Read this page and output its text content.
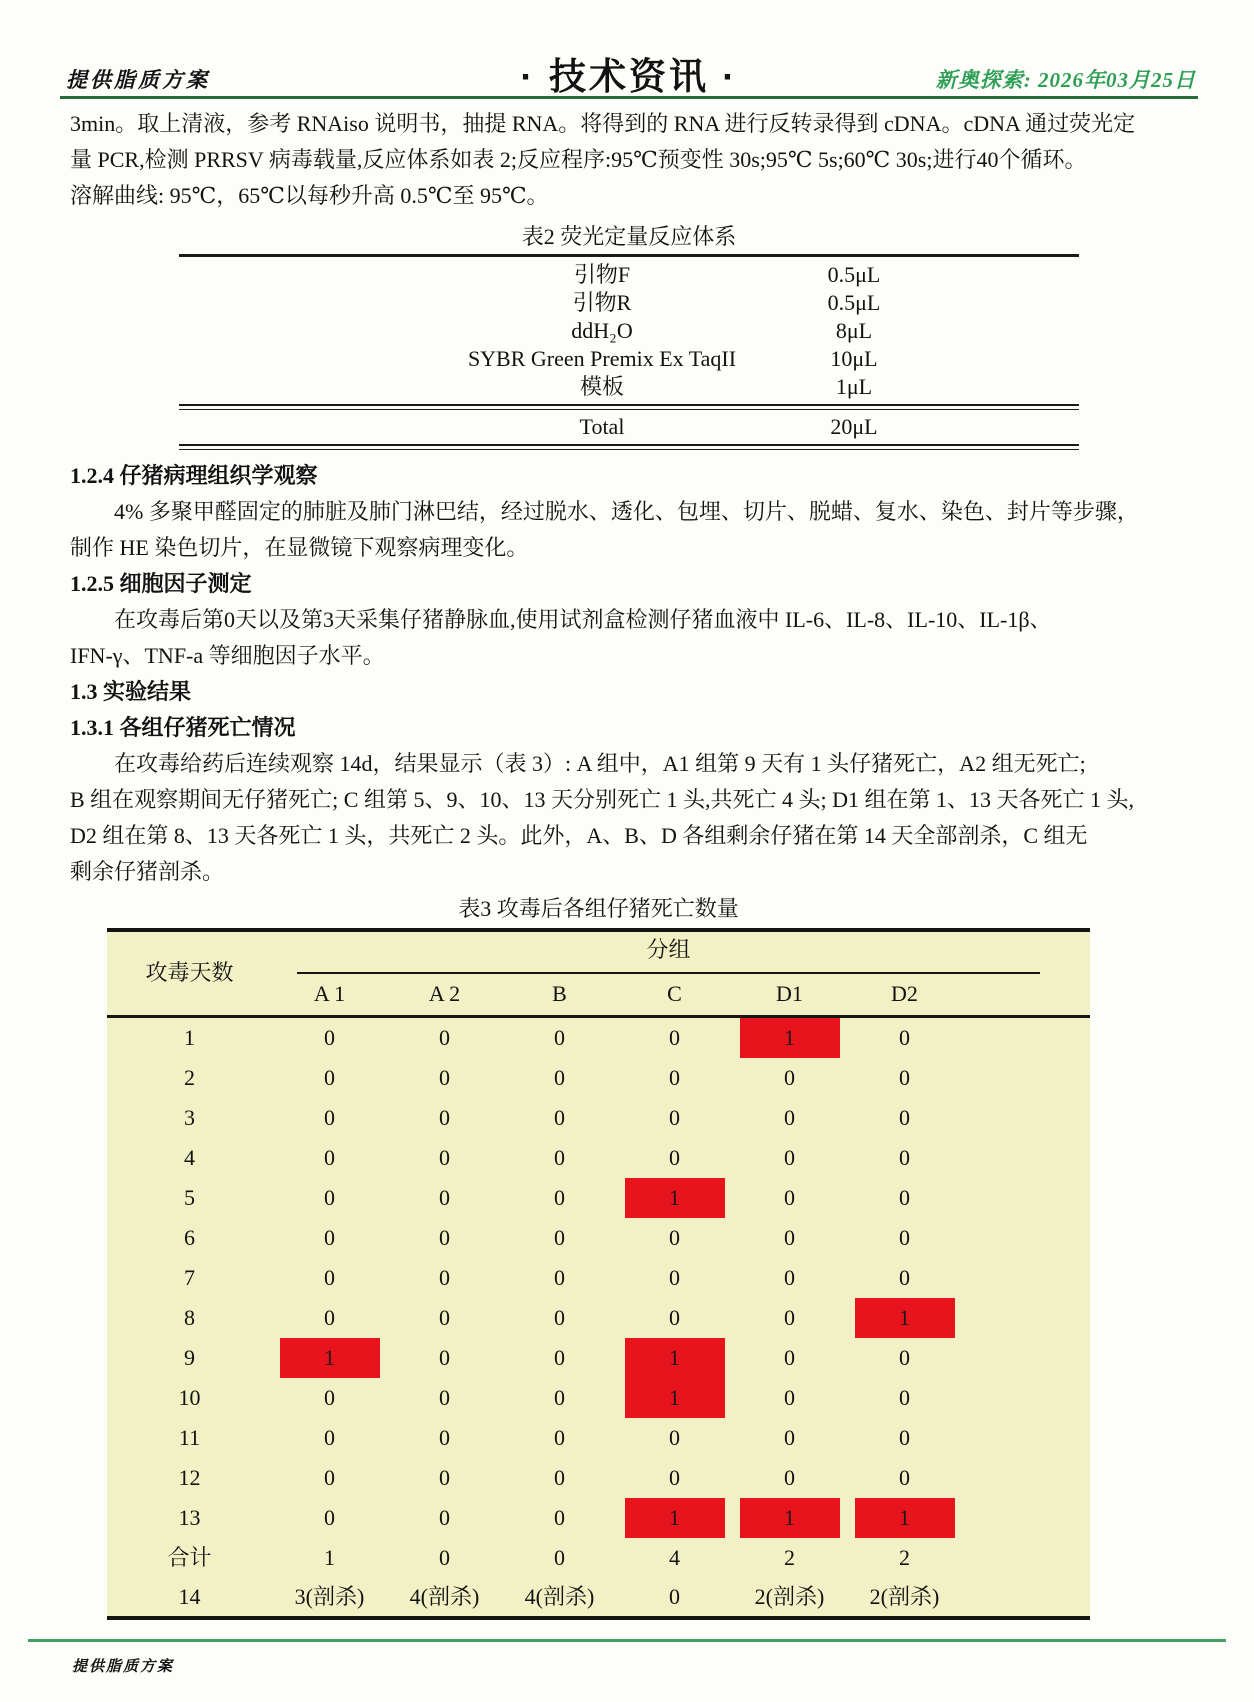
提供脂质方案	· 技术资讯 ·	新奥探索: 2026年03月25日
3min。取上清液，参考 RNAiso 说明书，抽提 RNA。将得到的 RNA 进行反转录得到 cDNA。cDNA 通过荧光定
量 PCR,检测 PRRSV 病毒载量,反应体系如表 2;反应程序:95℃预变性 30s;95℃ 5s;60℃ 30s;进行40个循环。
溶解曲线: 95℃，65℃以每秒升高 0.5℃至 95℃。
表2 荧光定量反应体系
引物F	0.5μL
引物R	0.5μL
ddH₂O	8μL
SYBR Green Premix Ex TaqII	10μL
模板	1μL
Total	20μL
1.2.4 仔猪病理组织学观察
　　4% 多聚甲醛固定的肺脏及肺门淋巴结，经过脱水、透化、包埋、切片、脱蜡、复水、染色、封片等步骤，
制作 HE 染色切片，在显微镜下观察病理变化。
1.2.5 细胞因子测定
　　在攻毒后第0天以及第3天采集仔猪静脉血,使用试剂盒检测仔猪血液中 IL-6、IL-8、IL-10、IL-1β、
IFN-γ、TNF-a 等细胞因子水平。
1.3 实验结果
1.3.1 各组仔猪死亡情况
　　在攻毒给药后连续观察 14d，结果显示（表 3）: A 组中，A1 组第 9 天有 1 头仔猪死亡，A2 组无死亡;
B 组在观察期间无仔猪死亡; C 组第 5、9、10、13 天分别死亡 1 头,共死亡 4 头; D1 组在第 1、13 天各死亡 1 头,
D2 组在第 8、13 天各死亡 1 头，共死亡 2 头。此外，A、B、D 各组剩余仔猪在第 14 天全部剖杀，C 组无
剩余仔猪剖杀。
表3 攻毒后各组仔猪死亡数量
攻毒天数	分组						

	A 1	A 2	B	C	D1	D2	
1	0	0	0	0	1	0	
2	0	0	0	0	0	0	
3	0	0	0	0	0	0	
4	0	0	0	0	0	0	
5	0	0	0	1	0	0	
6	0	0	0	0	0	0	
7	0	0	0	0	0	0	
8	0	0	0	0	0	1	

9	1	0	0	1	0	0	
10	0	0	0	1	0	0	
11	0	0	0	0	0	0	
12	0	0	0	0	0	0	
13	0	0	0	1	1	1	

合计	1	0	0	4	2	2	
14	3(剖杀)	4(剖杀)	4(剖杀)	0	2(剖杀)	2(剖杀)	
提供脂质方案
